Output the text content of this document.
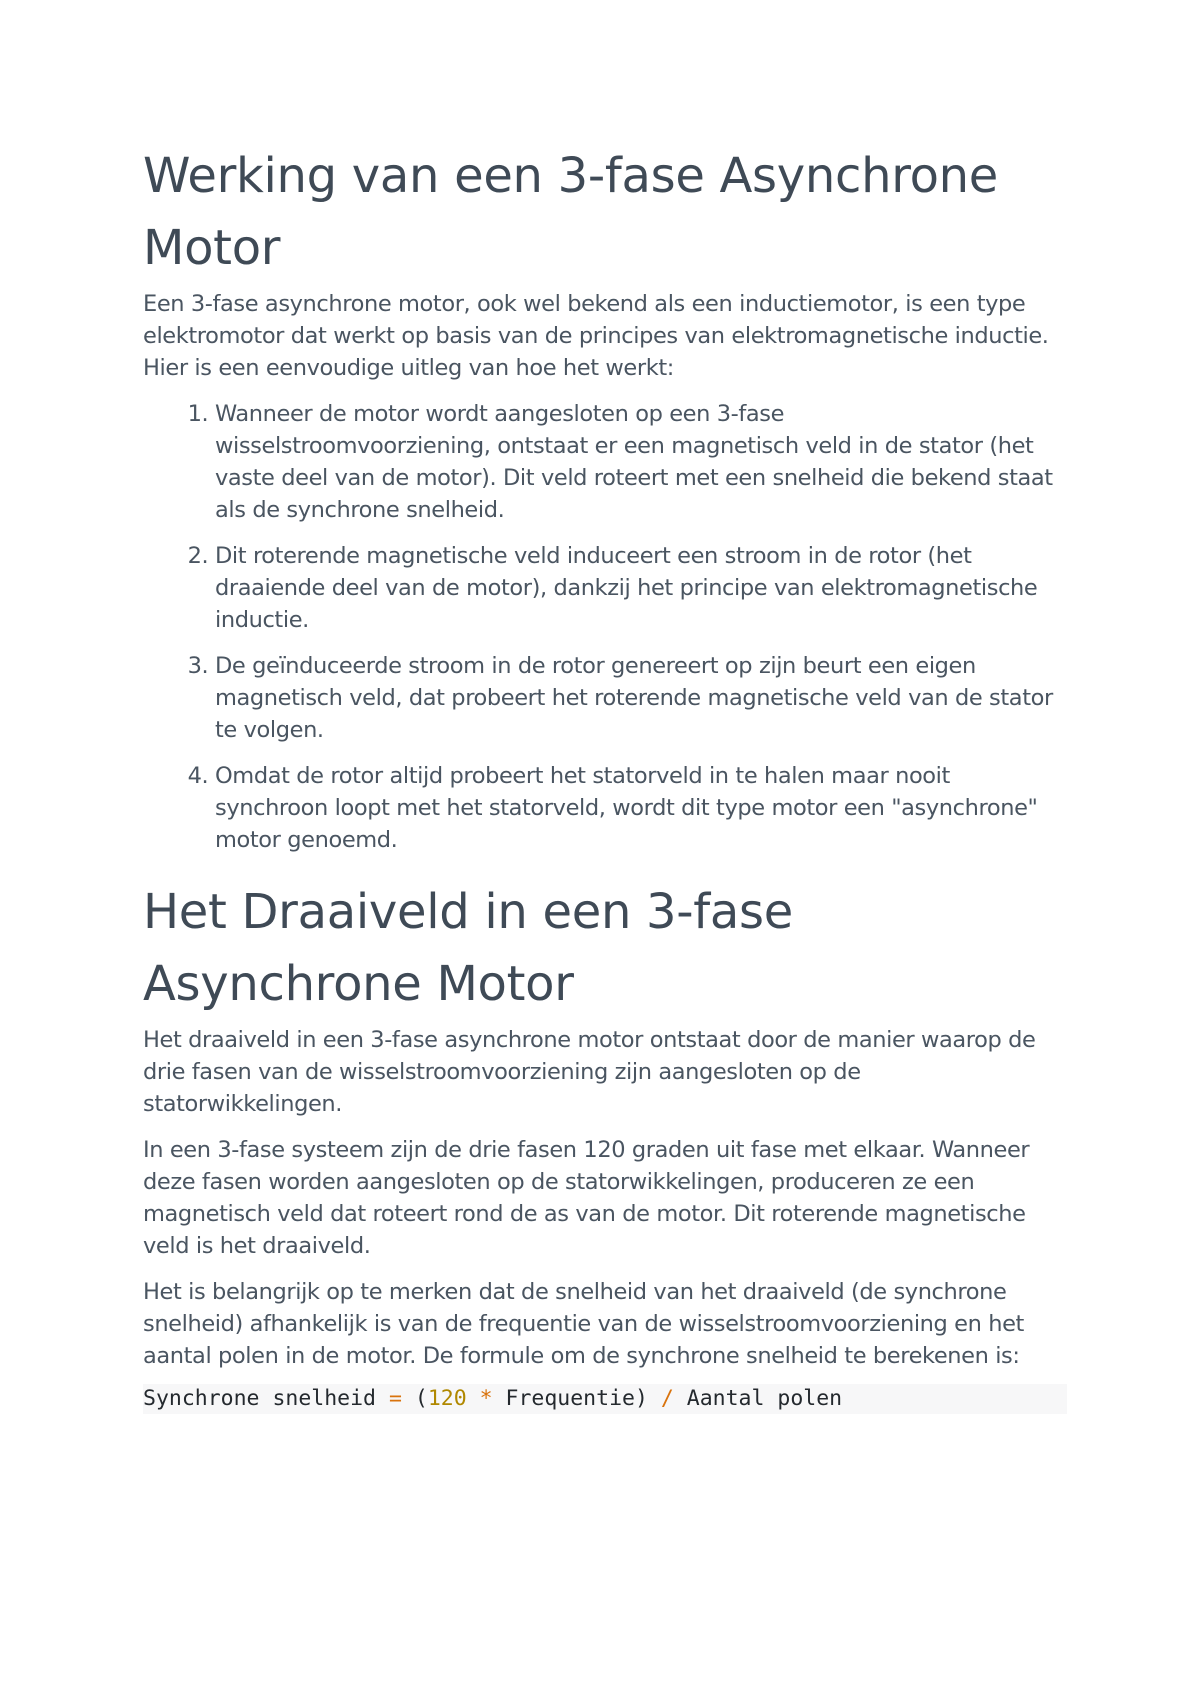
Werking van een 3-fase Asynchrone Motor

Een 3-fase asynchrone motor, ook wel bekend als een inductiemotor, is een type elektromotor dat werkt op basis van de principes van elektromagnetische inductie. Hier is een eenvoudige uitleg van hoe het werkt:

1. Wanneer de motor wordt aangesloten op een 3-fase wisselstroomvoorziening, ontstaat er een magnetisch veld in de stator (het vaste deel van de motor). Dit veld roteert met een snelheid die bekend staat als de synchrone snelheid.
2. Dit roterende magnetische veld induceert een stroom in de rotor (het draaiende deel van de motor), dankzij het principe van elektromagnetische inductie.
3. De geïnduceerde stroom in de rotor genereert op zijn beurt een eigen magnetisch veld, dat probeert het roterende magnetische veld van de stator te volgen.
4. Omdat de rotor altijd probeert het statorveld in te halen maar nooit synchroon loopt met het statorveld, wordt dit type motor een "asynchrone" motor genoemd.
Het Draaiveld in een 3-fase Asynchrone Motor

Het draaiveld in een 3-fase asynchrone motor ontstaat door de manier waarop de drie fasen van de wisselstroomvoorziening zijn aangesloten op de statorwikkelingen.

In een 3-fase systeem zijn de drie fasen 120 graden uit fase met elkaar. Wanneer deze fasen worden aangesloten op de statorwikkelingen, produceren ze een magnetisch veld dat roteert rond de as van de motor. Dit roterende magnetische veld is het draaiveld.

Het is belangrijk op te merken dat de snelheid van het draaiveld (de synchrone snelheid) afhankelijk is van de frequentie van de wisselstroomvoorziening en het aantal polen in de motor. De formule om de synchrone snelheid te berekenen is:

Synchrone snelheid = (120 * Frequentie) / Aantal polen
